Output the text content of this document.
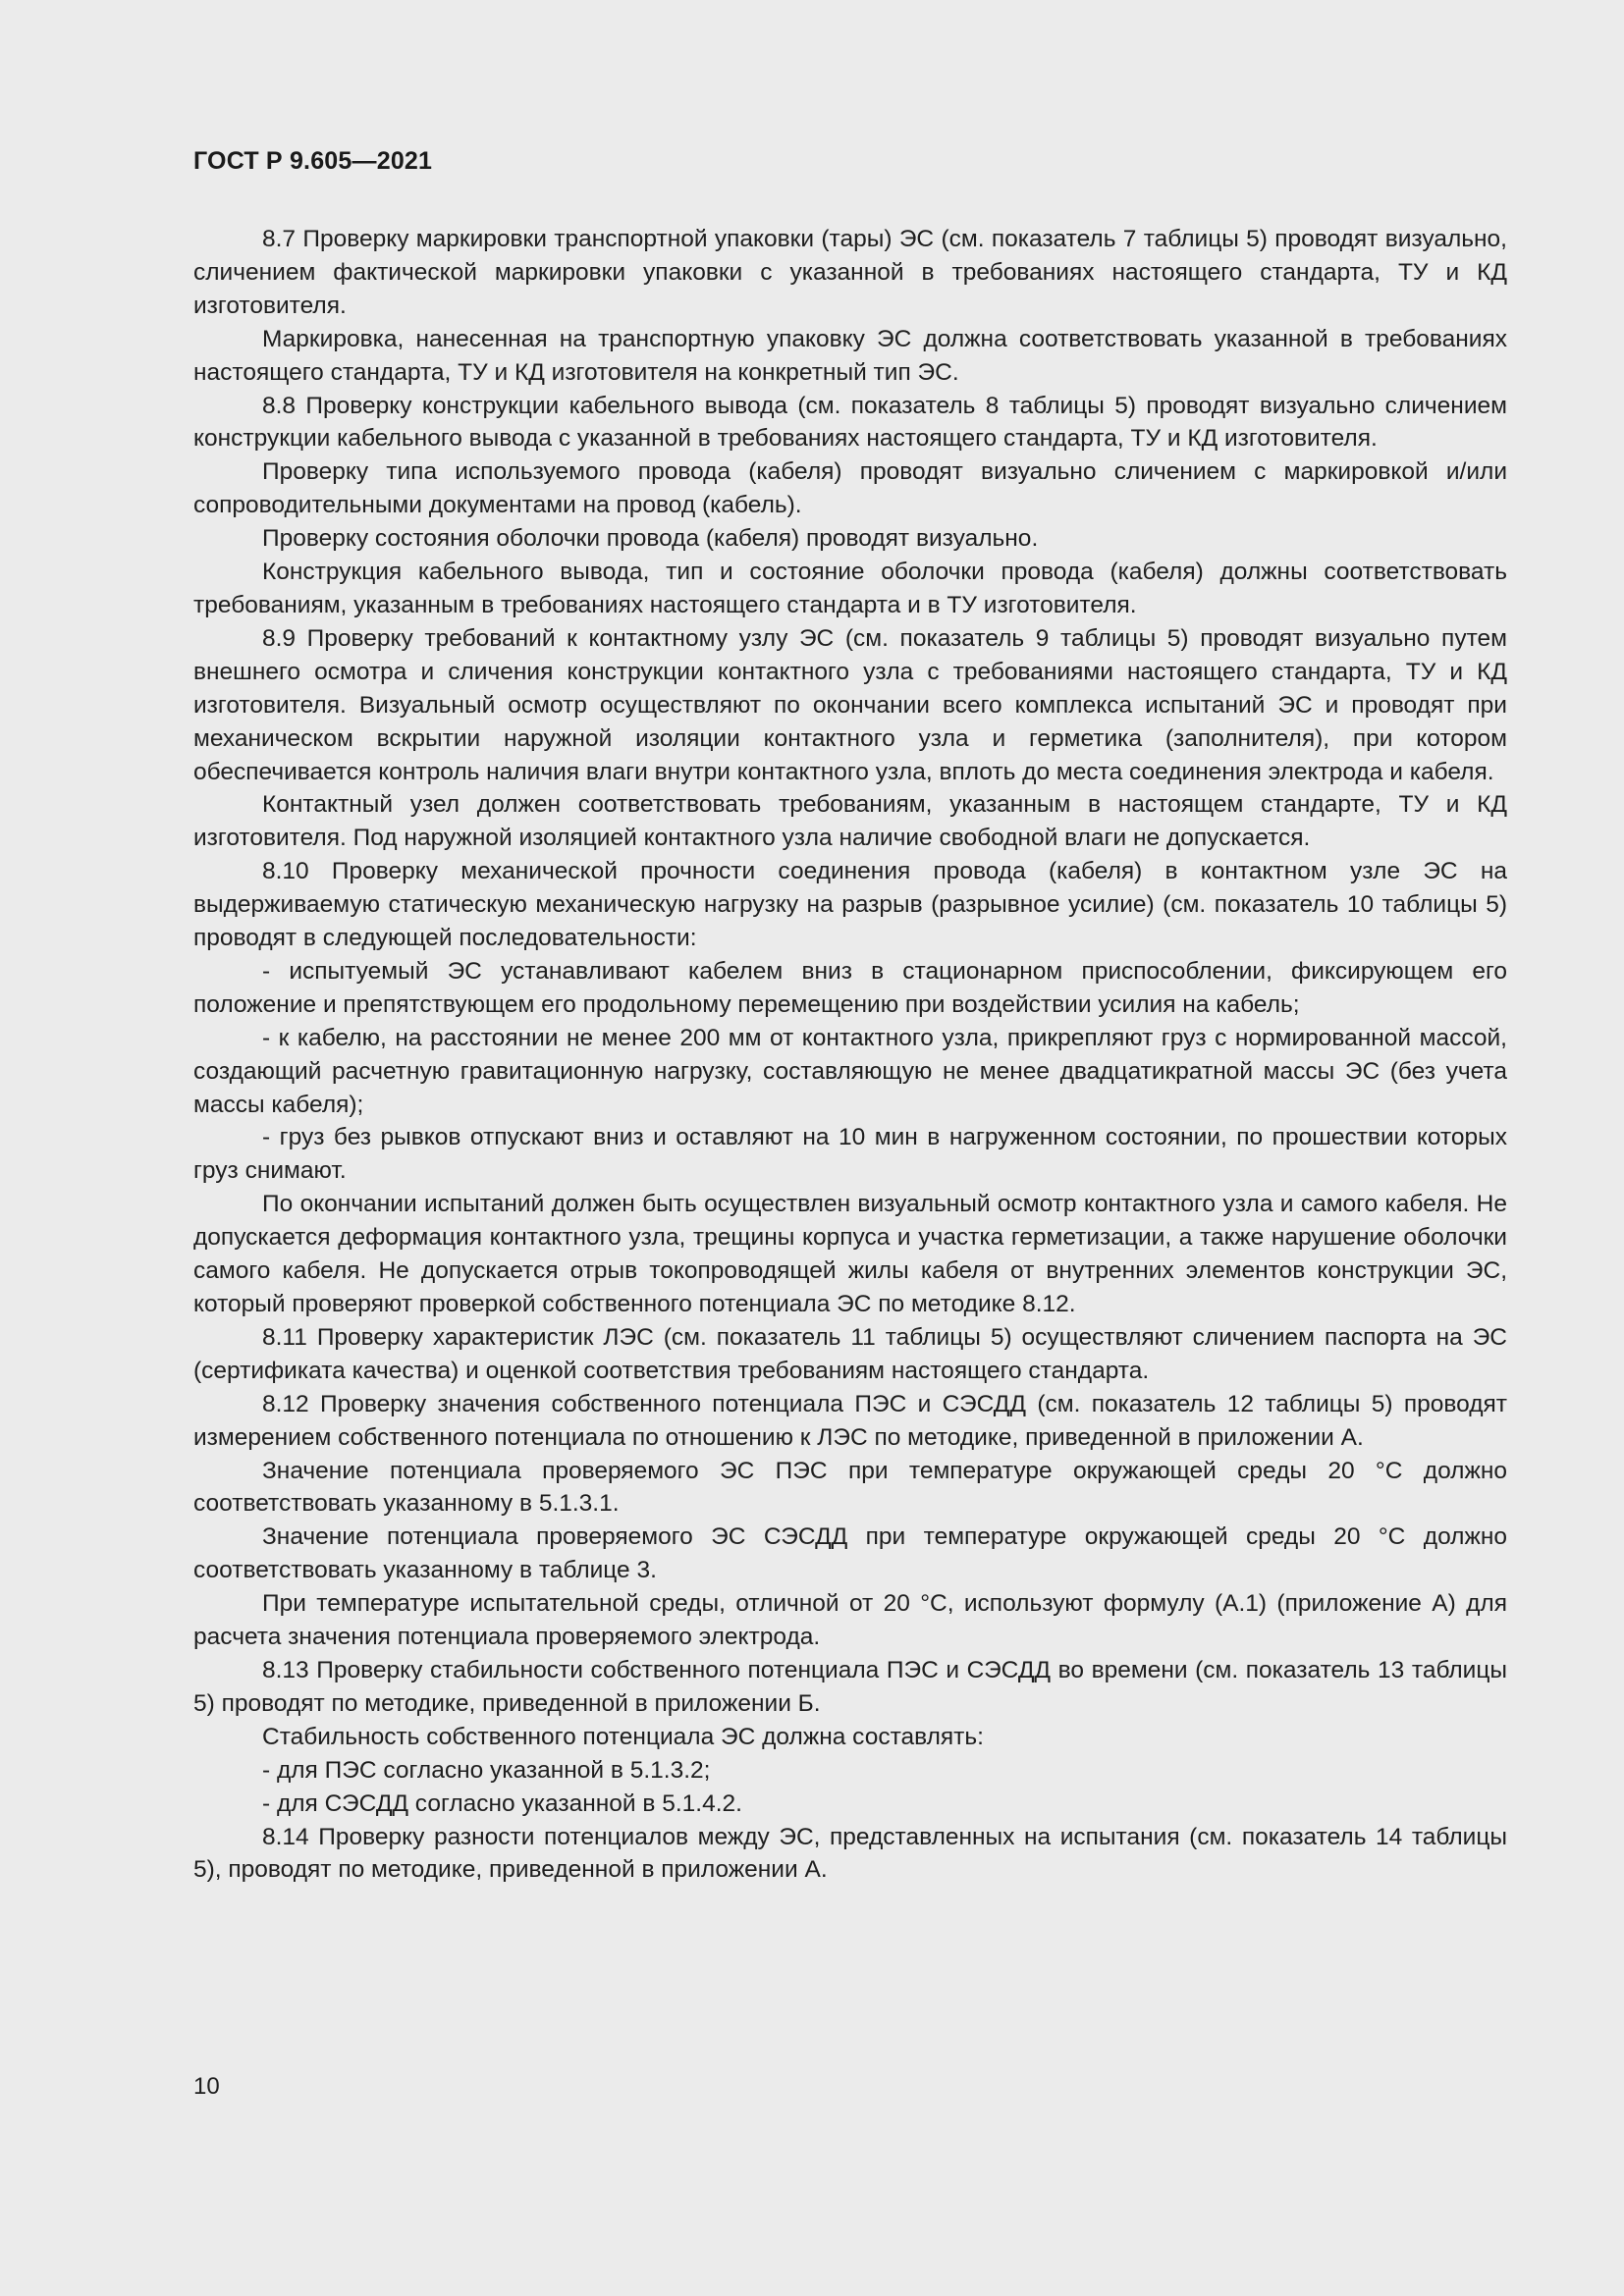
ГОСТ Р 9.605—2021

8.7 Проверку маркировки транспортной упаковки (тары) ЭС (см. показатель 7 таблицы 5) проводят визуально, сличением фактической маркировки упаковки с указанной в требованиях настоящего стандарта, ТУ и КД изготовителя.

Маркировка, нанесенная на транспортную упаковку ЭС должна соответствовать указанной в требованиях настоящего стандарта, ТУ и КД изготовителя на конкретный тип ЭС.

8.8 Проверку конструкции кабельного вывода (см. показатель 8 таблицы 5) проводят визуально сличением конструкции кабельного вывода с указанной в требованиях настоящего стандарта, ТУ и КД изготовителя.

Проверку типа используемого провода (кабеля) проводят визуально сличением с маркировкой и/или сопроводительными документами на провод (кабель).

Проверку состояния оболочки провода (кабеля) проводят визуально.

Конструкция кабельного вывода, тип и состояние оболочки провода (кабеля) должны соответствовать требованиям, указанным в требованиях настоящего стандарта и в ТУ изготовителя.

8.9 Проверку требований к контактному узлу ЭС (см. показатель 9 таблицы 5) проводят визуально путем внешнего осмотра и сличения конструкции контактного узла с требованиями настоящего стандарта, ТУ и КД изготовителя. Визуальный осмотр осуществляют по окончании всего комплекса испытаний ЭС и проводят при механическом вскрытии наружной изоляции контактного узла и герметика (заполнителя), при котором обеспечивается контроль наличия влаги внутри контактного узла, вплоть до места соединения электрода и кабеля.

Контактный узел должен соответствовать требованиям, указанным в настоящем стандарте, ТУ и КД изготовителя. Под наружной изоляцией контактного узла наличие свободной влаги не допускается.

8.10 Проверку механической прочности соединения провода (кабеля) в контактном узле ЭС на выдерживаемую статическую механическую нагрузку на разрыв (разрывное усилие) (см. показатель 10 таблицы 5) проводят в следующей последовательности:

- испытуемый ЭС устанавливают кабелем вниз в стационарном приспособлении, фиксирующем его положение и препятствующем его продольному перемещению при воздействии усилия на кабель;

- к кабелю, на расстоянии не менее 200 мм от контактного узла, прикрепляют груз с нормированной массой, создающий расчетную гравитационную нагрузку, составляющую не менее двадцатикратной массы ЭС (без учета массы кабеля);

- груз без рывков отпускают вниз и оставляют на 10 мин в нагруженном состоянии, по прошествии которых груз снимают.

По окончании испытаний должен быть осуществлен визуальный осмотр контактного узла и самого кабеля. Не допускается деформация контактного узла, трещины корпуса и участка герметизации, а также нарушение оболочки самого кабеля. Не допускается отрыв токопроводящей жилы кабеля от внутренних элементов конструкции ЭС, который проверяют проверкой собственного потенциала ЭС по методике 8.12.

8.11 Проверку характеристик ЛЭС (см. показатель 11 таблицы 5) осуществляют сличением паспорта на ЭС (сертификата качества) и оценкой соответствия требованиям настоящего стандарта.

8.12 Проверку значения собственного потенциала ПЭС и СЭСДД (см. показатель 12 таблицы 5) проводят измерением собственного потенциала по отношению к ЛЭС по методике, приведенной в приложении А.

Значение потенциала проверяемого ЭС ПЭС при температуре окружающей среды 20 °С должно соответствовать указанному в 5.1.3.1.

Значение потенциала проверяемого ЭС СЭСДД при температуре окружающей среды 20 °С должно соответствовать указанному в таблице 3.

При температуре испытательной среды, отличной от 20 °С, используют формулу (А.1) (приложение А) для расчета значения потенциала проверяемого электрода.

8.13 Проверку стабильности собственного потенциала ПЭС и СЭСДД во времени (см. показатель 13 таблицы 5) проводят по методике, приведенной в приложении Б.

Стабильность собственного потенциала ЭС должна составлять:

- для ПЭС согласно указанной в 5.1.3.2;

- для СЭСДД согласно указанной в 5.1.4.2.

8.14 Проверку разности потенциалов между ЭС, представленных на испытания (см. показатель 14 таблицы 5), проводят по методике, приведенной в приложении А.

10
